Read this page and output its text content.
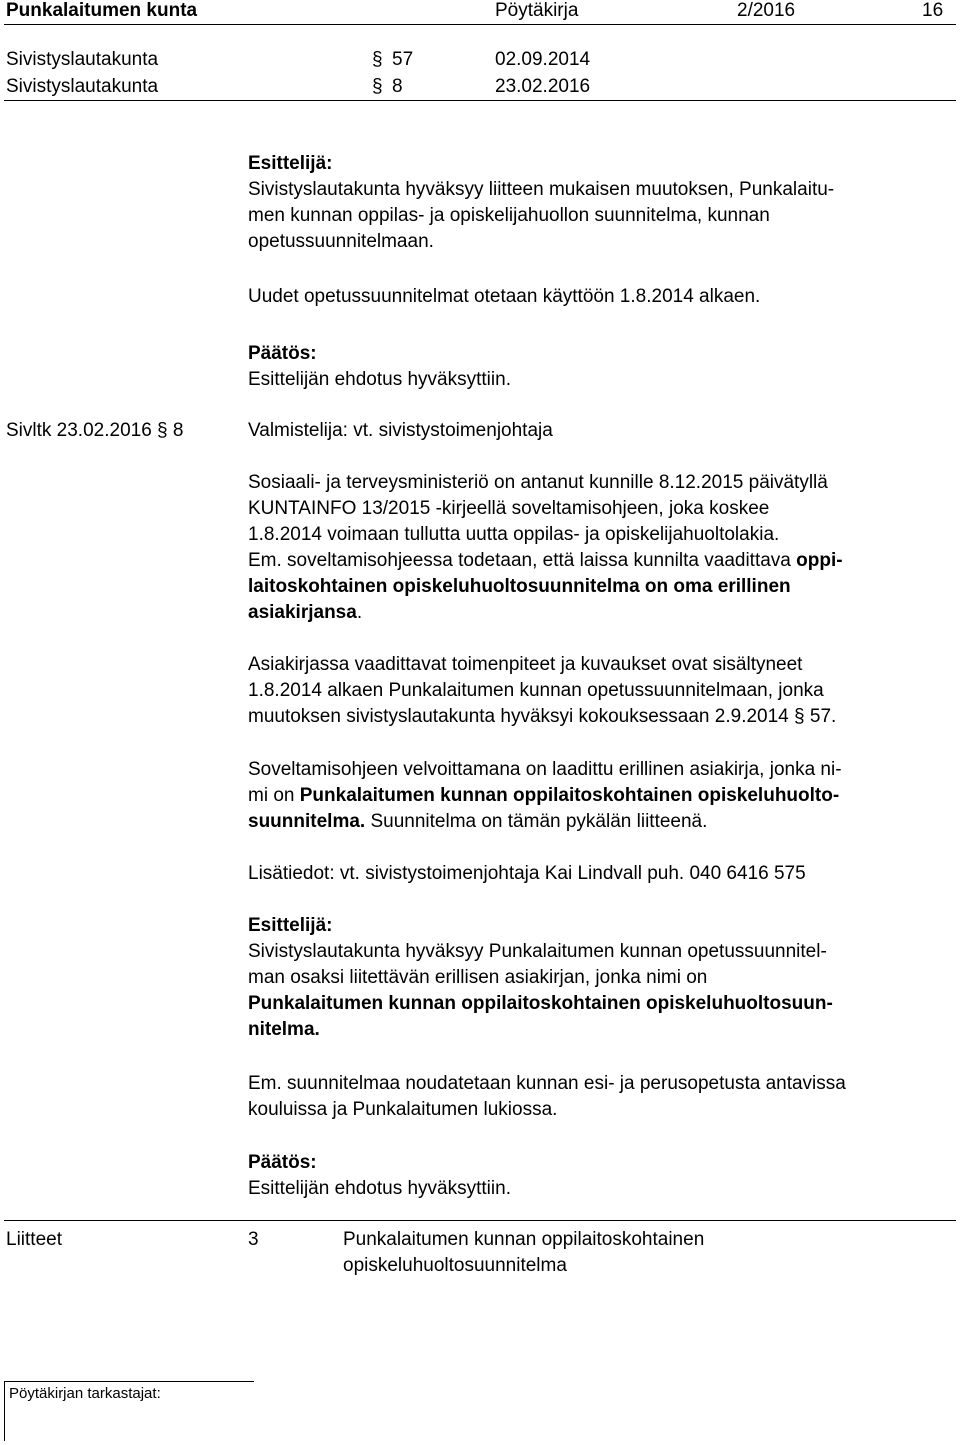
Punkalaitumen kunta	Pöytäkirja	2/2016	16
Sivistyslautakunta	§ 57	02.09.2014
Sivistyslautakunta	§ 8	23.02.2016
Esittelijä:
Sivistyslautakunta hyväksyy liitteen mukaisen muutoksen, Punkalaitu-
men kunnan oppilas- ja opiskelijahuollon suunnitelma, kunnan
opetussuunnitelmaan.
Uudet opetussuunnitelmat otetaan käyttöön 1.8.2014 alkaen.
Päätös:
Esittelijän ehdotus hyväksyttiin.
Sivltk 23.02.2016 § 8	Valmistelija: vt. sivistystoimenjohtaja
Sosiaali- ja terveysministeriö on antanut kunnille 8.12.2015 päivätyllä
KUNTAINFO 13/2015 -kirjeellä soveltamisohjeen, joka koskee
1.8.2014 voimaan tullutta uutta oppilas- ja opiskelijahuoltolakia.
Em. soveltamisohjeessa todetaan, että laissa kunnilta vaadittava oppi-
laitoskohtainen opiskeluhuoltosuunnitelma on oma erillinen
asiakirjansa.
Asiakirjassa vaadittavat toimenpiteet ja kuvaukset ovat sisältyneet
1.8.2014 alkaen Punkalaitumen kunnan opetussuunnitelmaan, jonka
muutoksen sivistyslautakunta hyväksyi kokouksessaan 2.9.2014 § 57.
Soveltamisohjeen velvoittamana on laadittu erillinen asiakirja, jonka ni-
mi on Punkalaitumen kunnan oppilaitoskohtainen opiskeluhuolto-
suunnitelma. Suunnitelma on tämän pykälän liitteenä.
Lisätiedot: vt. sivistystoimenjohtaja Kai Lindvall puh. 040 6416 575
Esittelijä:
Sivistyslautakunta hyväksyy Punkalaitumen kunnan opetussuunnitel-
man osaksi liitettävän erillisen asiakirjan, jonka nimi on
Punkalaitumen kunnan oppilaitoskohtainen opiskeluhuoltosuun-
nitelma.
Em. suunnitelmaa noudatetaan kunnan esi- ja perusopetusta antavissa
kouluissa ja Punkalaitumen lukiossa.
Päätös:
Esittelijän ehdotus hyväksyttiin.
Liitteet	3	Punkalaitumen kunnan oppilaitoskohtainen
opiskeluhuoltosuunnitelma
Pöytäkirjan tarkastajat:
